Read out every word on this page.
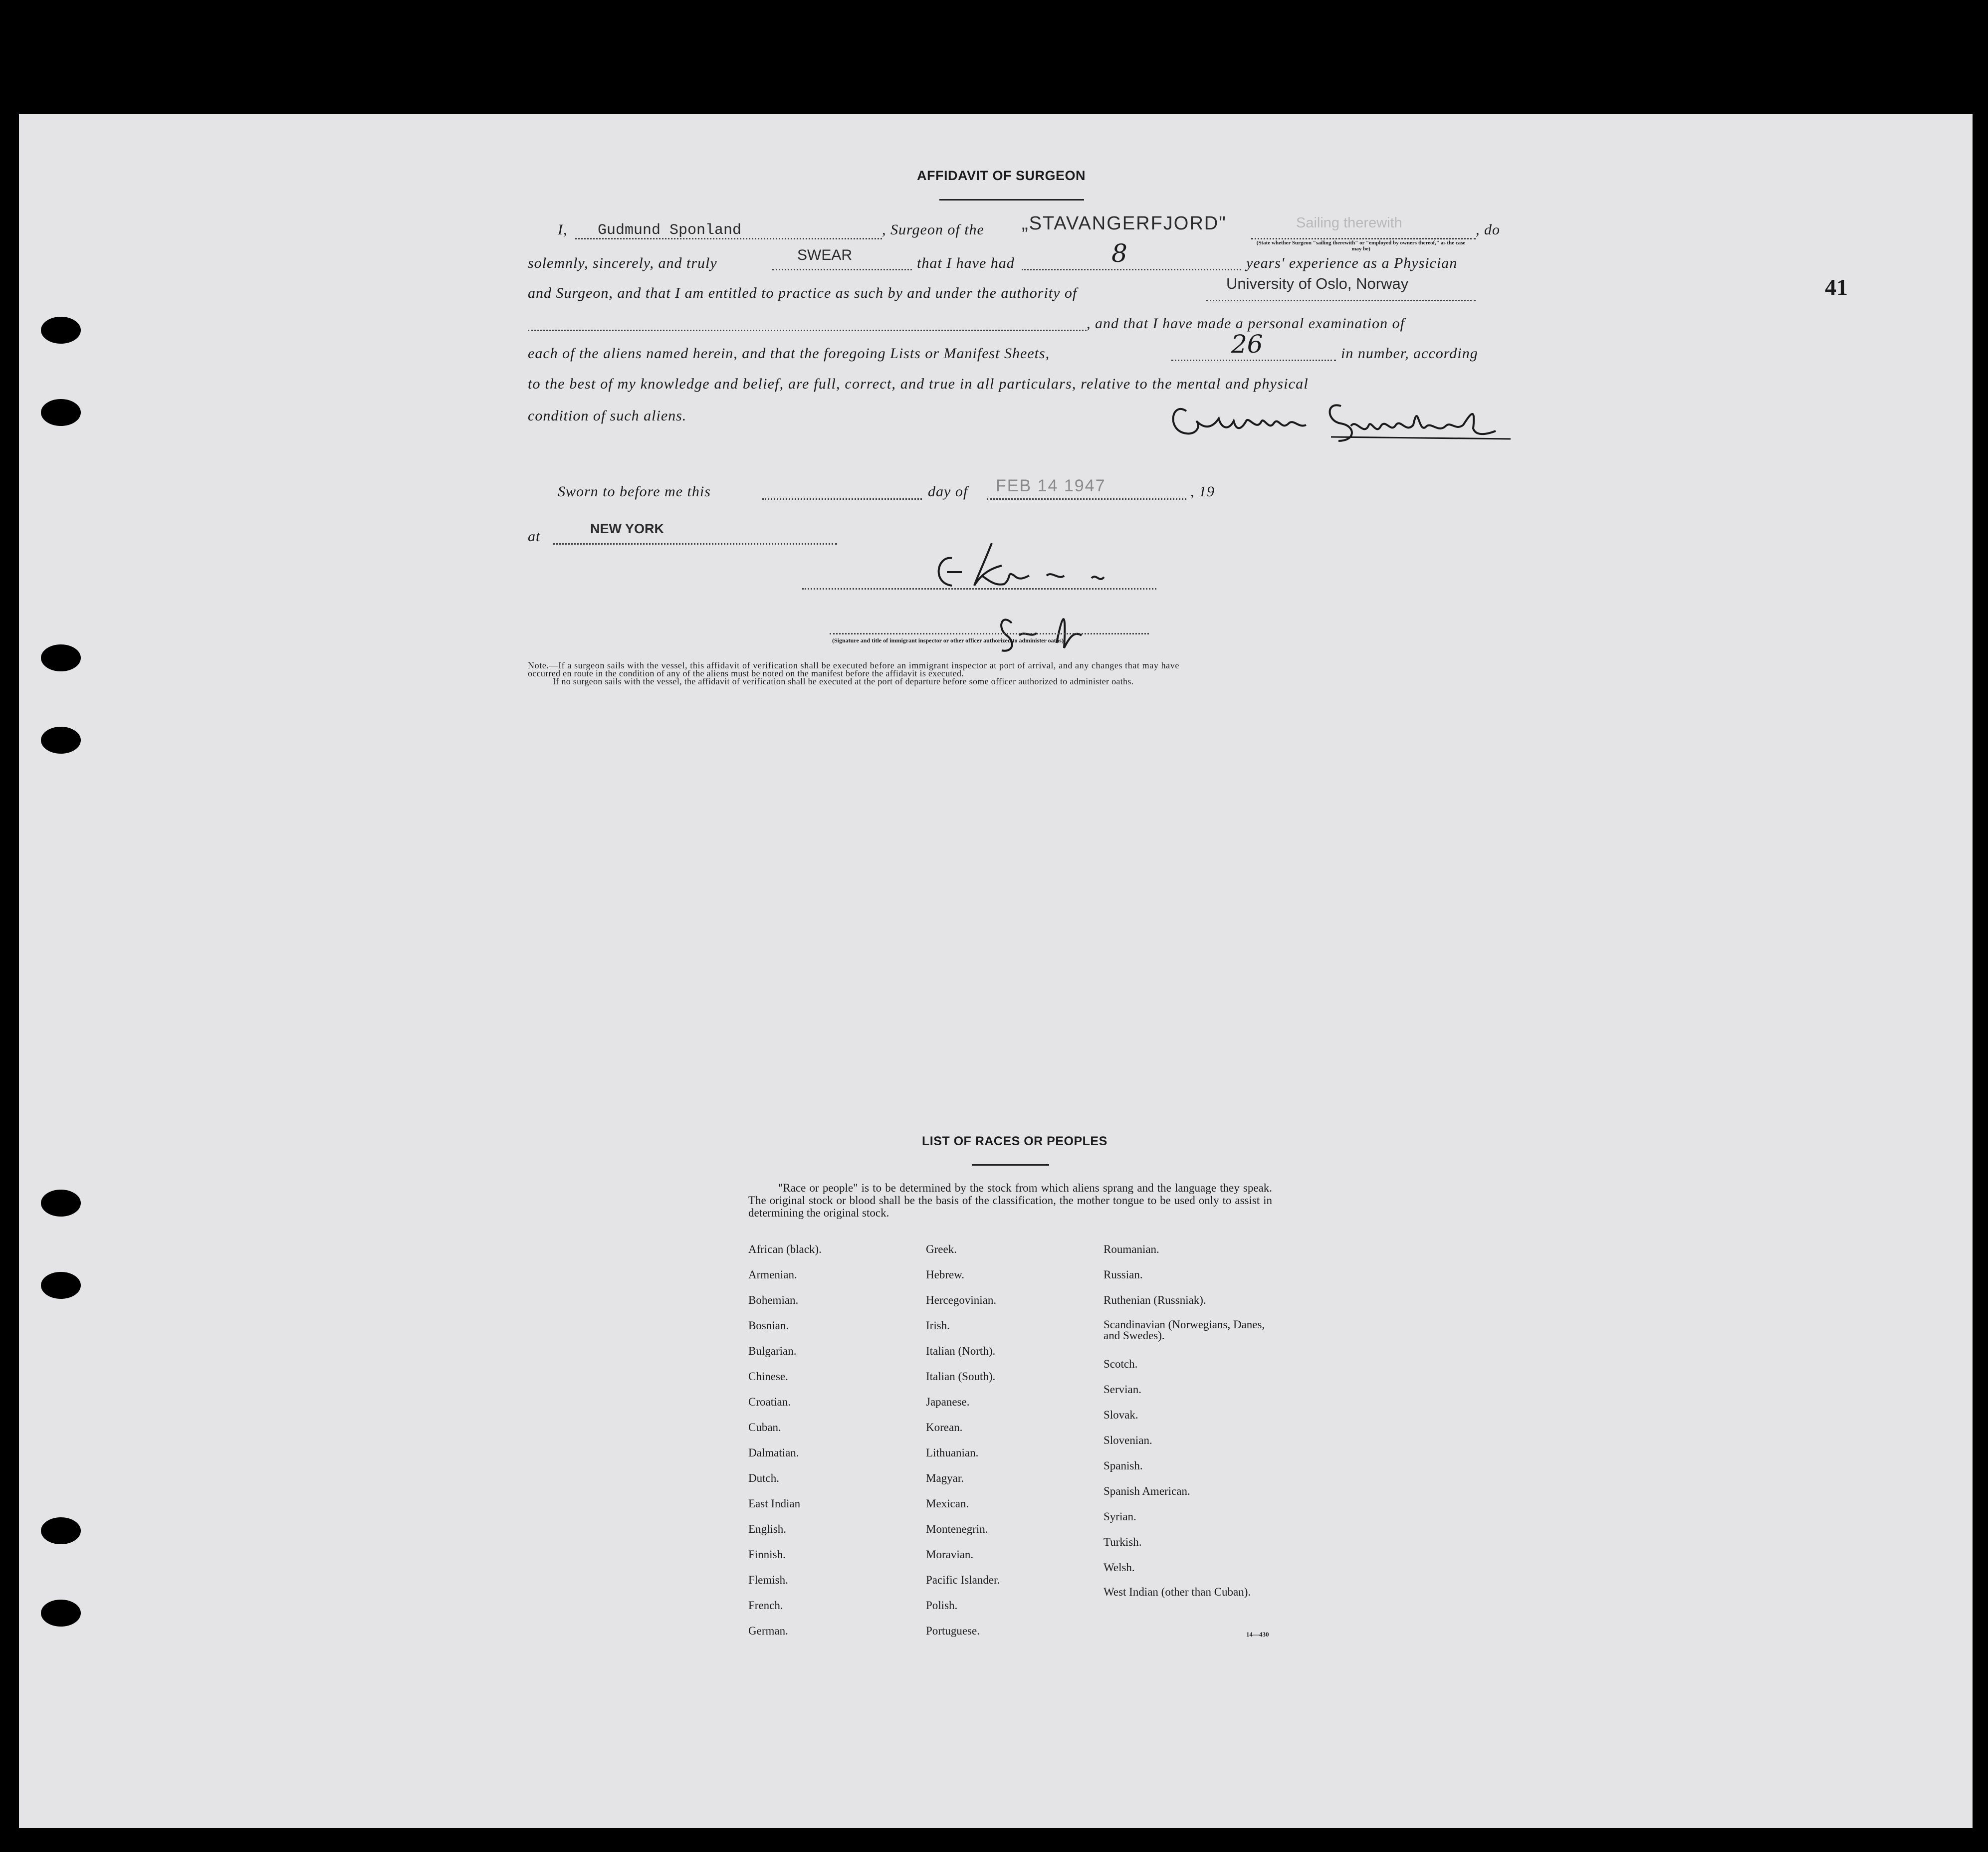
41
AFFIDAVIT OF SURGEON
I, Gudmund Sponland	, Surgeon of the „STAVANGERFJORD"	Sailing therewith	, do
(State whether Surgeon "sailing therewith" or "employed by owners thereof," as the case may be)
solemnly, sincerely, and truly	SWEAR	that I have had	8	years' experience as a Physician
and Surgeon, and that I am entitled to practice as such by and under the authority of
University of Oslo, Norway
, and that I have made a personal examination of
each of the aliens named herein, and that the foregoing Lists or Manifest Sheets,	26	in number, according
to the best of my knowledge and belief, are full, correct, and true in all particulars, relative to the mental and physical
condition of such aliens.
Sworn to before me this	day of FEB 14 1947	, 19
at	NEW YORK
(Signature and title of immigrant inspector or other officer authorized to administer oaths)
Note.—If a surgeon sails with the vessel, this affidavit of verification shall be executed before an immigrant inspector at port of arrival, and any changes that may have
occurred en route in the condition of any of the aliens must be noted on the manifest before the affidavit is executed.
If no surgeon sails with the vessel, the affidavit of verification shall be executed at the port of departure before some officer authorized to administer oaths.
LIST OF RACES OR PEOPLES
"Race or people" is to be determined by the stock from which aliens sprang and the language they speak. The original stock or blood shall be the basis of the classification, the mother tongue to be used only to assist in determining the original stock.
African (black).
Armenian.
Bohemian.
Bosnian.
Bulgarian.
Chinese.
Croatian.
Cuban.
Dalmatian.
Dutch.
East Indian
English.
Finnish.
Flemish.
French.
German.
Greek.
Hebrew.
Hercegovinian.
Irish.
Italian (North).
Italian (South).
Japanese.
Korean.
Lithuanian.
Magyar.
Mexican.
Montenegrin.
Moravian.
Pacific Islander.
Polish.
Portuguese.
Roumanian.
Russian.
Ruthenian (Russniak).
Scandinavian (Norwegians, Danes, and Swedes).
Scotch.
Servian.
Slovak.
Slovenian.
Spanish.
Spanish American.
Syrian.
Turkish.
Welsh.
West Indian (other than Cuban).
14—430
